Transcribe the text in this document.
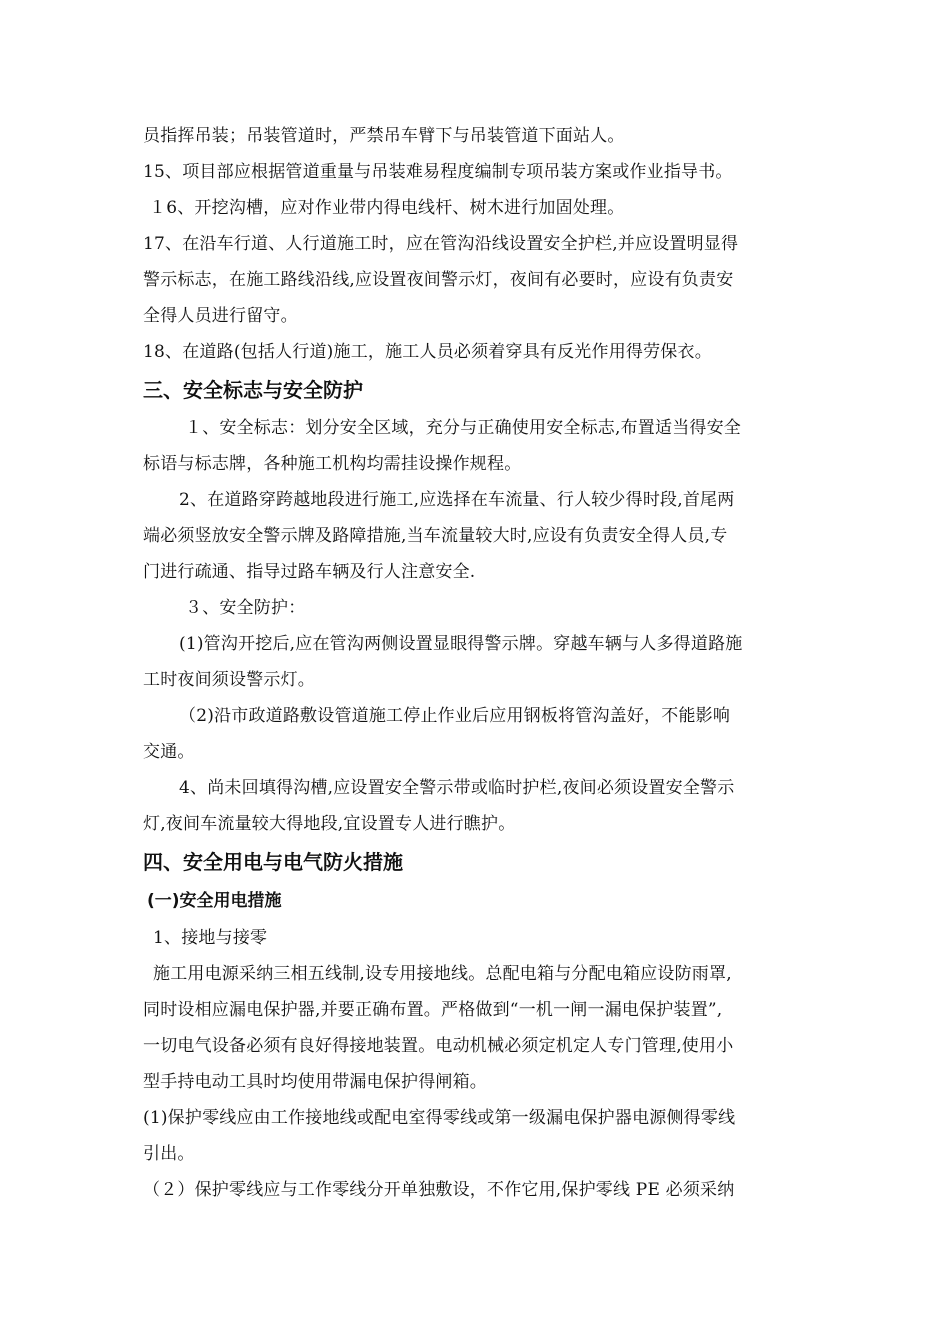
员指挥吊装；吊装管道时，严禁吊车臂下与吊装管道下面站人。
15、项目部应根据管道重量与吊装难易程度编制专项吊装方案或作业指导书。
１6、开挖沟槽，应对作业带内得电线杆、树木进行加固处理。
17、在沿车行道、人行道施工时，应在管沟沿线设置安全护栏,并应设置明显得
警示标志，在施工路线沿线,应设置夜间警示灯，夜间有必要时，应设有负责安
全得人员进行留守。
18、在道路(包括人行道)施工，施工人员必须着穿具有反光作用得劳保衣。
三、安全标志与安全防护
１、安全标志：划分安全区域，充分与正确使用安全标志,布置适当得安全
标语与标志牌，各种施工机构均需挂设操作规程。
2、在道路穿跨越地段进行施工,应选择在车流量、行人较少得时段,首尾两
端必须竖放安全警示牌及路障措施,当车流量较大时,应设有负责安全得人员,专
门进行疏通、指导过路车辆及行人注意安全.
３、安全防护：
(1)管沟开挖后,应在管沟两侧设置显眼得警示牌。穿越车辆与人多得道路施
工时夜间须设警示灯。
（2)沿市政道路敷设管道施工停止作业后应用钢板将管沟盖好，不能影响
交通。
4、尚未回填得沟槽,应设置安全警示带或临时护栏,夜间必须设置安全警示
灯,夜间车流量较大得地段,宜设置专人进行瞧护。
四、安全用电与电气防火措施
(一)安全用电措施
1、接地与接零
施工用电源采纳三相五线制,设专用接地线。总配电箱与分配电箱应设防雨罩,
同时设相应漏电保护器,并要正确布置。严格做到“一机一闸一漏电保护装置”,
一切电气设备必须有良好得接地装置。电动机械必须定机定人专门管理,使用小
型手持电动工具时均使用带漏电保护得闸箱。
(1)保护零线应由工作接地线或配电室得零线或第一级漏电保护器电源侧得零线
引出。
（２）保护零线应与工作零线分开单独敷设，不作它用,保护零线 PE 必须采纳
